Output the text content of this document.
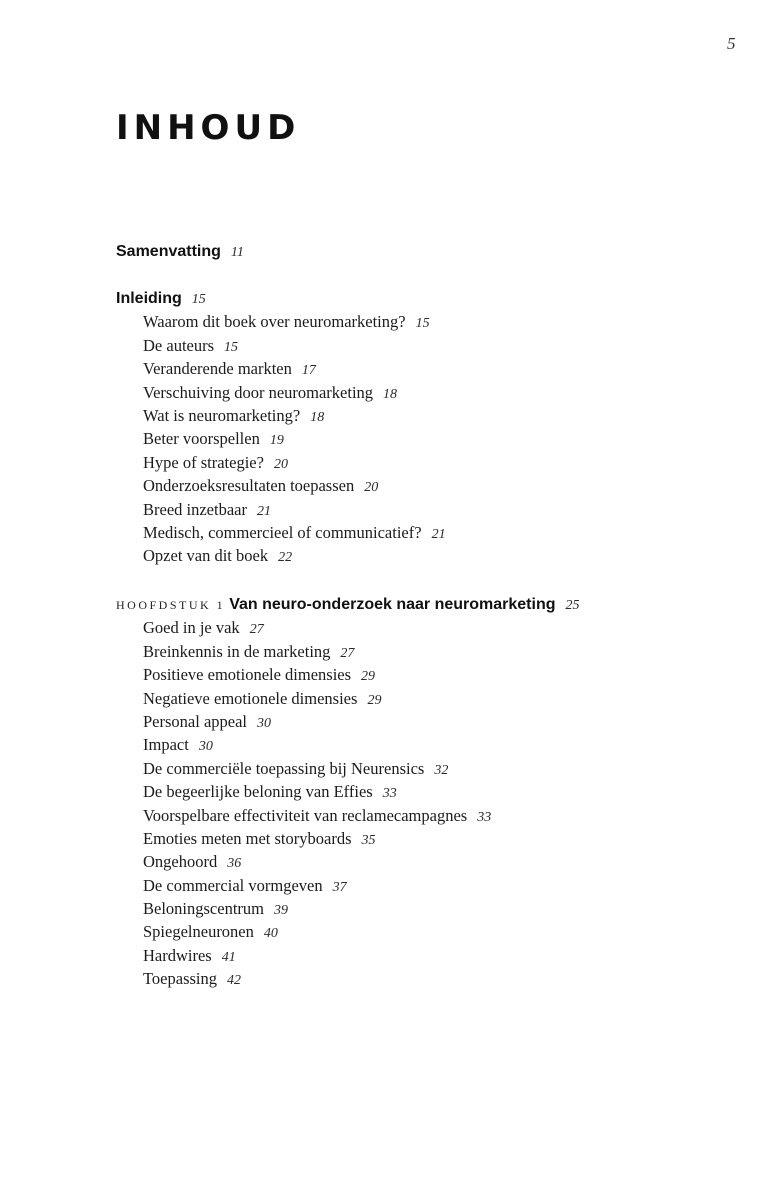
5
INHOUD
Samenvatting 11
Inleiding 15
Waarom dit boek over neuromarketing? 15
De auteurs 15
Veranderende markten 17
Verschuiving door neuromarketing 18
Wat is neuromarketing? 18
Beter voorspellen 19
Hype of strategie? 20
Onderzoeksresultaten toepassen 20
Breed inzetbaar 21
Medisch, commercieel of communicatief? 21
Opzet van dit boek 22
HOOFDSTUK 1 Van neuro-onderzoek naar neuromarketing 25
Goed in je vak 27
Breinkennis in de marketing 27
Positieve emotionele dimensies 29
Negatieve emotionele dimensies 29
Personal appeal 30
Impact 30
De commerciële toepassing bij Neurensics 32
De begeerlijke beloning van Effies 33
Voorspelbare effectiviteit van reclamecampagnes 33
Emoties meten met storyboards 35
Ongehoord 36
De commercial vormgeven 37
Beloningscentrum 39
Spiegelneuronen 40
Hardwires 41
Toepassing 42
